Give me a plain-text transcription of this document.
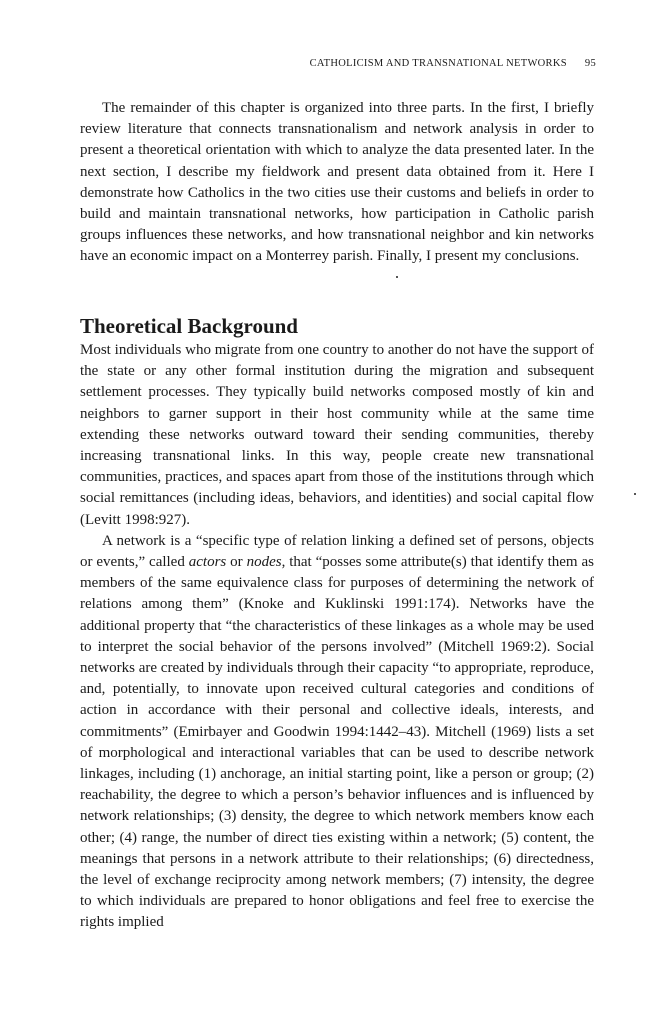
CATHOLICISM AND TRANSNATIONAL NETWORKS 95

The remainder of this chapter is organized into three parts. In the first, I briefly review literature that connects transnationalism and network analysis in order to present a theoretical orientation with which to analyze the data presented later. In the next section, I describe my fieldwork and present data obtained from it. Here I demonstrate how Catholics in the two cities use their customs and beliefs in order to build and maintain transnational networks, how participation in Catholic parish groups influences these networks, and how transnational neighbor and kin networks have an economic impact on a Monterrey parish. Finally, I present my conclusions.

Theoretical Background

Most individuals who migrate from one country to another do not have the support of the state or any other formal institution during the migration and subsequent settlement processes. They typically build networks composed mostly of kin and neighbors to garner support in their host community while at the same time extending these networks outward toward their sending communities, thereby increasing transnational links. In this way, people create new transnational communities, practices, and spaces apart from those of the institutions through which social remittances (including ideas, behaviors, and identities) and social capital flow (Levitt 1998:927).

A network is a “specific type of relation linking a defined set of persons, objects or events,” called actors or nodes, that “posses some attribute(s) that identify them as members of the same equivalence class for purposes of determining the network of relations among them” (Knoke and Kuklinski 1991:174). Networks have the additional property that “the characteristics of these linkages as a whole may be used to interpret the social behavior of the persons involved” (Mitchell 1969:2). Social networks are created by individuals through their capacity “to appropriate, reproduce, and, potentially, to innovate upon received cultural categories and conditions of action in accordance with their personal and collective ideals, interests, and commitments” (Emirbayer and Goodwin 1994:1442–43). Mitchell (1969) lists a set of morphological and interactional variables that can be used to describe network linkages, including (1) anchorage, an initial starting point, like a person or group; (2) reachability, the degree to which a person’s behavior influences and is influenced by network relationships; (3) density, the degree to which network members know each other; (4) range, the number of direct ties existing within a network; (5) content, the meanings that persons in a network attribute to their relationships; (6) directedness, the level of exchange reciprocity among network members; (7) intensity, the degree to which individuals are prepared to honor obligations and feel free to exercise the rights implied
